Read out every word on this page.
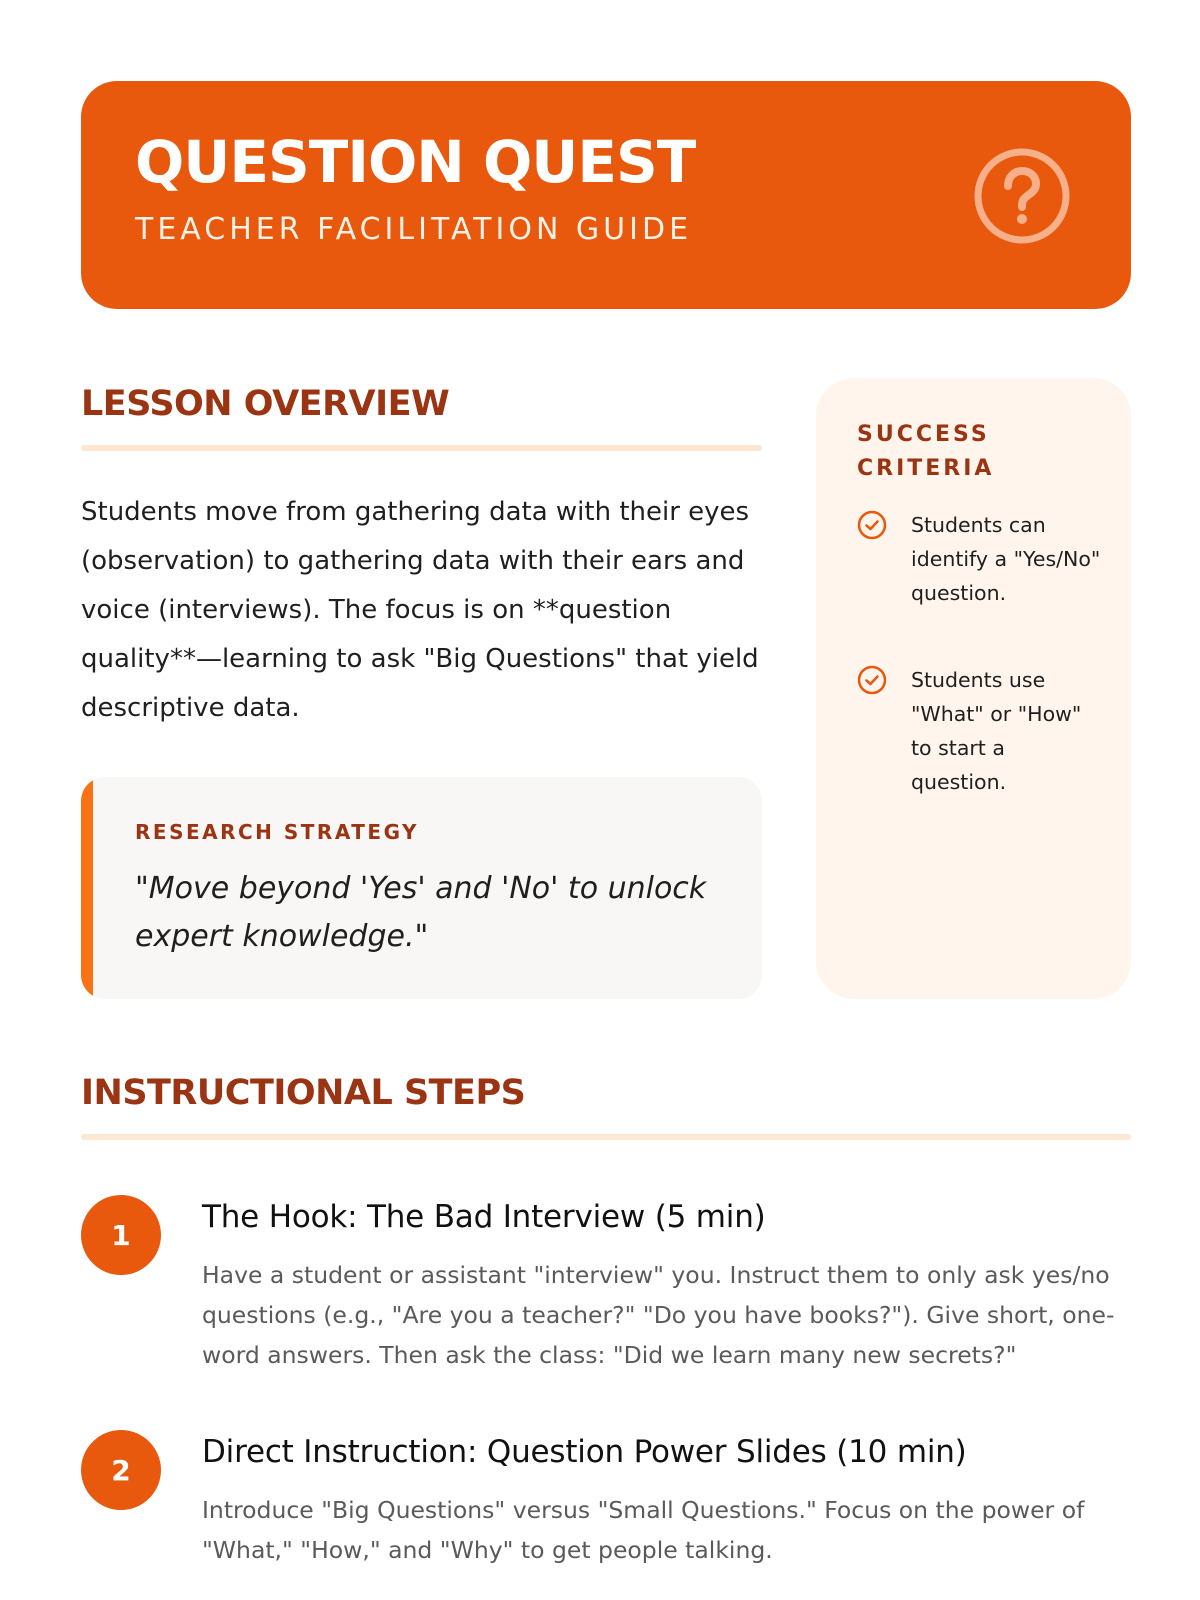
QUESTION QUEST
TEACHER FACILITATION GUIDE
LESSON OVERVIEW

Students move from gathering data with their eyes (observation) to gathering data with their ears and voice (interviews). The focus is on **question quality**—learning to ask "Big Questions" that yield descriptive data.

RESEARCH STRATEGY
"Move beyond 'Yes' and 'No' to unlock expert knowledge."
SUCCESS CRITERIA
Students can identify a "Yes/No" question.
Students use "What" or "How" to start a question.
INSTRUCTIONAL STEPS
1	The Hook: The Bad Interview (5 min)
Have a student or assistant "interview" you. Instruct them to only ask yes/no questions (e.g., "Are you a teacher?" "Do you have books?"). Give short, one-word answers. Then ask the class: "Did we learn many new secrets?"
2	Direct Instruction: Question Power Slides (10 min)
Introduce "Big Questions" versus "Small Questions." Focus on the power of "What," "How," and "Why" to get people talking.
